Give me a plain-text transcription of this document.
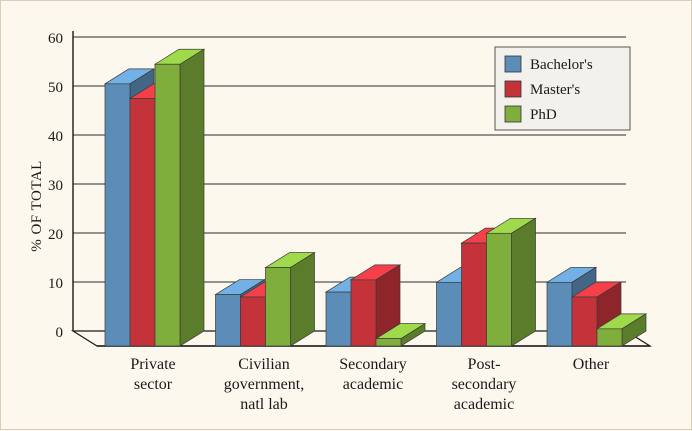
% OF TOTAL
0
10
20
30
40
50
60
Private
sector
Civilian
government,
natl lab
Secondary
academic
Post-
secondary
academic
Other
Bachelor's
Master's
PhD
